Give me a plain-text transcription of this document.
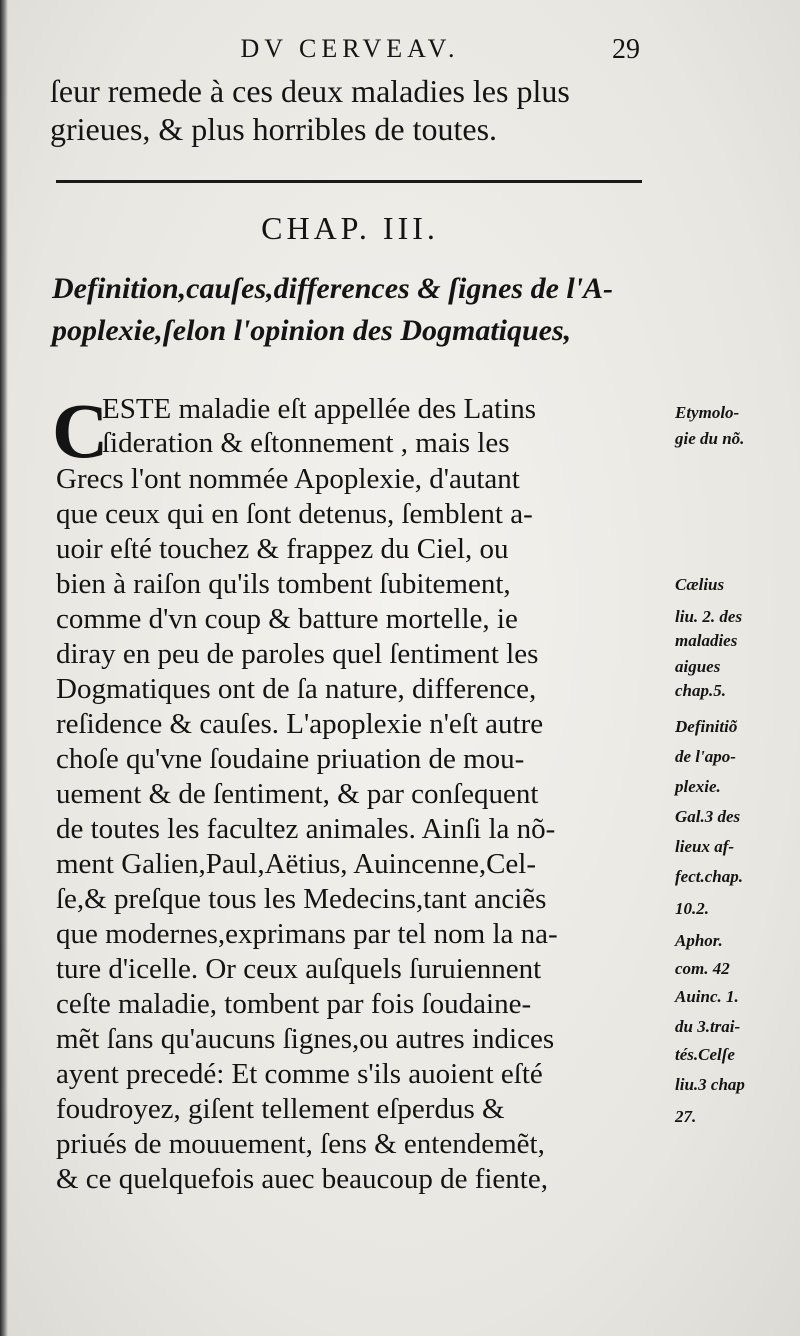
DV CERVEAV.	29
ſeur remede à ces deux maladies les plus
grieues, & plus horribles de toutes.
CHAP. III.
Definition,cauſes,differences & ſignes de l'A-
poplexie,ſelon l'opinion des Dogmatiques,
C
ESTE maladie eſt appellée des Latins
ſideration & eſtonnement , mais les
Grecs l'ont nommée Apoplexie, d'autant
que ceux qui en ſont detenus, ſemblent a-
uoir eſté touchez & frappez du Ciel, ou
bien à raiſon qu'ils tombent ſubitement,
comme d'vn coup & batture mortelle, ie
diray en peu de paroles quel ſentiment les
Dogmatiques ont de ſa nature, difference,
reſidence & cauſes. L'apoplexie n'eſt autre
choſe qu'vne ſoudaine priuation de mou-
uement & de ſentiment, & par conſequent
de toutes les facultez animales. Ainſi la nõ-
ment Galien,Paul,Aëtius, Auincenne,Cel-
ſe,& preſque tous les Medecins,tant anciẽs
que modernes,exprimans par tel nom la na-
ture d'icelle. Or ceux auſquels ſuruiennent
ceſte maladie, tombent par fois ſoudaine-
mẽt ſans qu'aucuns ſignes,ou autres indices
ayent precedé: Et comme s'ils auoient eſté
foudroyez, giſent tellement eſperdus &
priués de mouuement, ſens & entendemẽt,
& ce quelquefois auec beaucoup de fiente,
Etymolo-
gie du nõ.
Cælius
liu. 2. des
maladies
aigues
chap.5.
Definitiõ
de l'apo-
plexie.
Gal.3 des
lieux af-
fect.chap.
10.2.
Aphor.
com. 42
Auinc. 1.
du 3.trai-
tés.Celſe
liu.3 chap
27.
